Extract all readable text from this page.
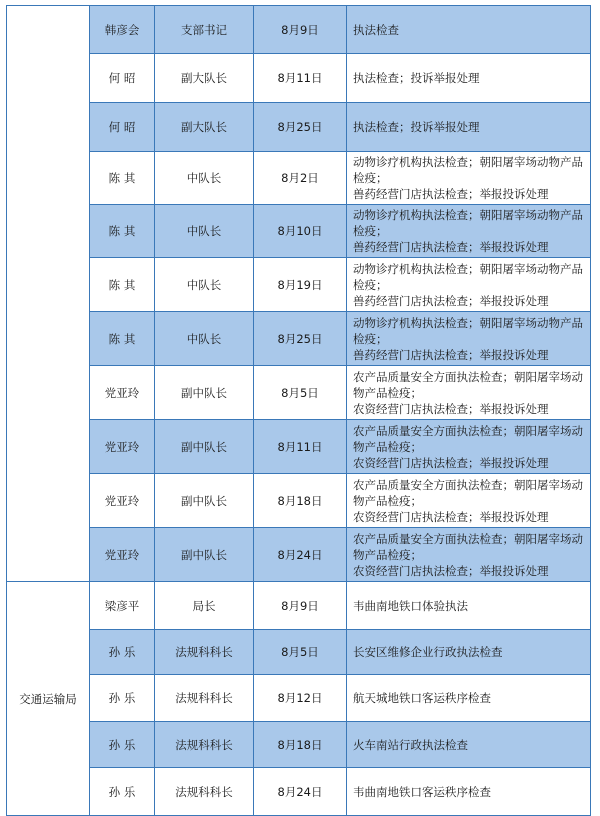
	韩彦会	支部书记	8月9日	执法检查
	何 昭	副大队长	8月11日	执法检查；投诉举报处理
	何 昭	副大队长	8月25日	执法检查；投诉举报处理
	陈 其	中队长	8月2日	动物诊疗机构执法检查；朝阳屠宰场动物产品检疫；
兽药经营门店执法检查；举报投诉处理
	陈 其	中队长	8月10日	动物诊疗机构执法检查；朝阳屠宰场动物产品检疫；
兽药经营门店执法检查；举报投诉处理
	陈 其	中队长	8月19日	动物诊疗机构执法检查；朝阳屠宰场动物产品检疫；
兽药经营门店执法检查；举报投诉处理
	陈 其	中队长	8月25日	动物诊疗机构执法检查；朝阳屠宰场动物产品检疫；
兽药经营门店执法检查；举报投诉处理
	党亚玲	副中队长	8月5日	农产品质量安全方面执法检查；朝阳屠宰场动物产品检疫；
农资经营门店执法检查；举报投诉处理
	党亚玲	副中队长	8月11日	农产品质量安全方面执法检查；朝阳屠宰场动物产品检疫；
农资经营门店执法检查；举报投诉处理
	党亚玲	副中队长	8月18日	农产品质量安全方面执法检查；朝阳屠宰场动物产品检疫；
农资经营门店执法检查；举报投诉处理
	党亚玲	副中队长	8月24日	农产品质量安全方面执法检查；朝阳屠宰场动物产品检疫；
农资经营门店执法检查；举报投诉处理
交通运输局	梁彦平	局长	8月9日	韦曲南地铁口体验执法
	孙 乐	法规科科长	8月5日	长安区维修企业行政执法检查
	孙 乐	法规科科长	8月12日	航天城地铁口客运秩序检查
	孙 乐	法规科科长	8月18日	火车南站行政执法检查
	孙 乐	法规科科长	8月24日	韦曲南地铁口客运秩序检查
